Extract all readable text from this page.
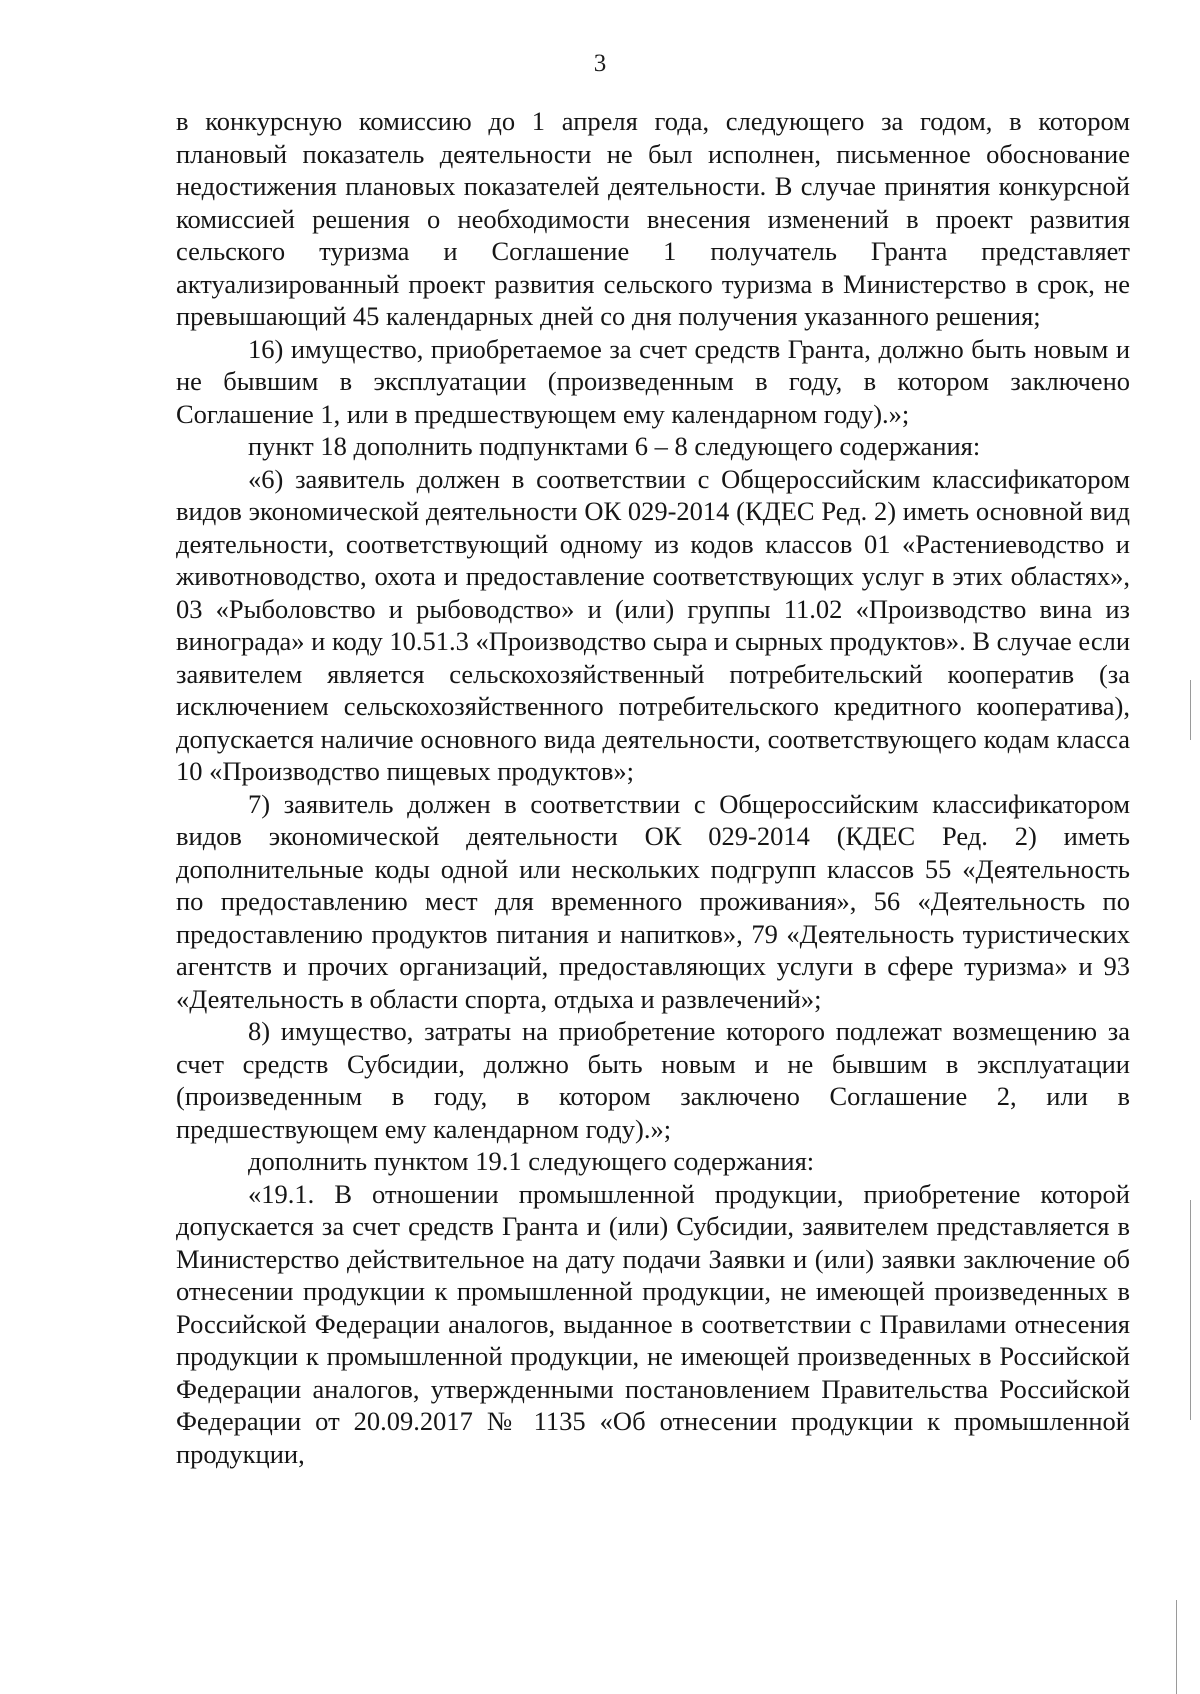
3

в конкурсную комиссию до 1 апреля года, следующего за годом, в котором плановый показатель деятельности не был исполнен, письменное обоснование недостижения плановых показателей деятельности. В случае принятия конкурсной комиссией решения о необходимости внесения изменений в проект развития сельского туризма и Соглашение 1 получатель Гранта представляет актуализированный проект развития сельского туризма в Министерство в срок, не превышающий 45 календарных дней со дня получения указанного решения;

16) имущество, приобретаемое за счет средств Гранта, должно быть новым и не бывшим в эксплуатации (произведенным в году, в котором заключено Соглашение 1, или в предшествующем ему календарном году).»;

пункт 18 дополнить подпунктами 6 – 8 следующего содержания:

«6) заявитель должен в соответствии с Общероссийским классификатором видов экономической деятельности ОК 029-2014 (КДЕС Ред. 2) иметь основной вид деятельности, соответствующий одному из кодов классов 01 «Растениеводство и животноводство, охота и предоставление соответствующих услуг в этих областях», 03 «Рыболовство и рыбоводство» и (или) группы 11.02 «Производство вина из винограда» и коду 10.51.3 «Производство сыра и сырных продуктов». В случае если заявителем является сельскохозяйственный потребительский кооператив (за исключением сельскохозяйственного потребительского кредитного кооператива), допускается наличие основного вида деятельности, соответствующего кодам класса 10 «Производство пищевых продуктов»;

7) заявитель должен в соответствии с Общероссийским классификатором видов экономической деятельности ОК 029-2014 (КДЕС Ред. 2) иметь дополнительные коды одной или нескольких подгрупп классов 55 «Деятельность по предоставлению мест для временного проживания», 56 «Деятельность по предоставлению продуктов питания и напитков», 79 «Деятельность туристических агентств и прочих организаций, предоставляющих услуги в сфере туризма» и 93 «Деятельность в области спорта, отдыха и развлечений»;

8) имущество, затраты на приобретение которого подлежат возмещению за счет средств Субсидии, должно быть новым и не бывшим в эксплуатации (произведенным в году, в котором заключено Соглашение 2, или в предшествующем ему календарном году).»;

дополнить пунктом 19.1 следующего содержания:

«19.1. В отношении промышленной продукции, приобретение которой допускается за счет средств Гранта и (или) Субсидии, заявителем представляется в Министерство действительное на дату подачи Заявки и (или) заявки заключение об отнесении продукции к промышленной продукции, не имеющей произведенных в Российской Федерации аналогов, выданное в соответствии с Правилами отнесения продукции к промышленной продукции, не имеющей произведенных в Российской Федерации аналогов, утвержденными постановлением Правительства Российской Федерации от 20.09.2017 № 1135 «Об отнесении продукции к промышленной продукции,
